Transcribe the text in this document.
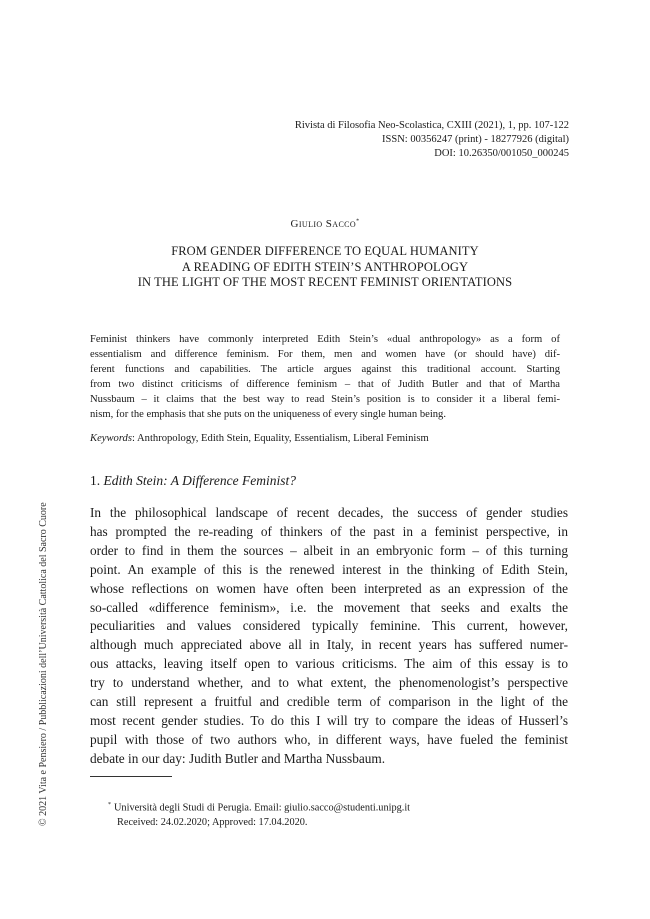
Rivista di Filosofia Neo-Scolastica, CXIII (2021), 1, pp. 107-122
ISSN: 00356247 (print) - 18277926 (digital)
DOI: 10.26350/001050_000245
Giulio Sacco*
FROM GENDER DIFFERENCE TO EQUAL HUMANITY
A READING OF EDITH STEIN’S ANTHROPOLOGY
IN THE LIGHT OF THE MOST RECENT FEMINIST ORIENTATIONS
Feminist thinkers have commonly interpreted Edith Stein’s «dual anthropology» as a form of
essentialism and difference feminism. For them, men and women have (or should have) dif-
ferent functions and capabilities. The article argues against this traditional account. Starting
from two distinct criticisms of difference feminism – that of Judith Butler and that of Martha
Nussbaum – it claims that the best way to read Stein’s position is to consider it a liberal femi-
nism, for the emphasis that she puts on the uniqueness of every single human being.
Keywords: Anthropology, Edith Stein, Equality, Essentialism, Liberal Feminism
1. Edith Stein: A Difference Feminist?
In the philosophical landscape of recent decades, the success of gender studies
has prompted the re-reading of thinkers of the past in a feminist perspective, in
order to find in them the sources – albeit in an embryonic form – of this turning
point. An example of this is the renewed interest in the thinking of Edith Stein,
whose reflections on women have often been interpreted as an expression of the
so-called «difference feminism», i.e. the movement that seeks and exalts the
peculiarities and values considered typically feminine. This current, however,
although much appreciated above all in Italy, in recent years has suffered numer-
ous attacks, leaving itself open to various criticisms. The aim of this essay is to
try to understand whether, and to what extent, the phenomenologist’s perspective
can still represent a fruitful and credible term of comparison in the light of the
most recent gender studies. To do this I will try to compare the ideas of Husserl’s
pupil with those of two authors who, in different ways, have fueled the feminist
debate in our day: Judith Butler and Martha Nussbaum.
* Università degli Studi di Perugia. Email: giulio.sacco@studenti.unipg.it
Received: 24.02.2020; Approved: 17.04.2020.
© 2021 Vita e Pensiero / Pubblicazioni dell’Università Cattolica del Sacro Cuore
